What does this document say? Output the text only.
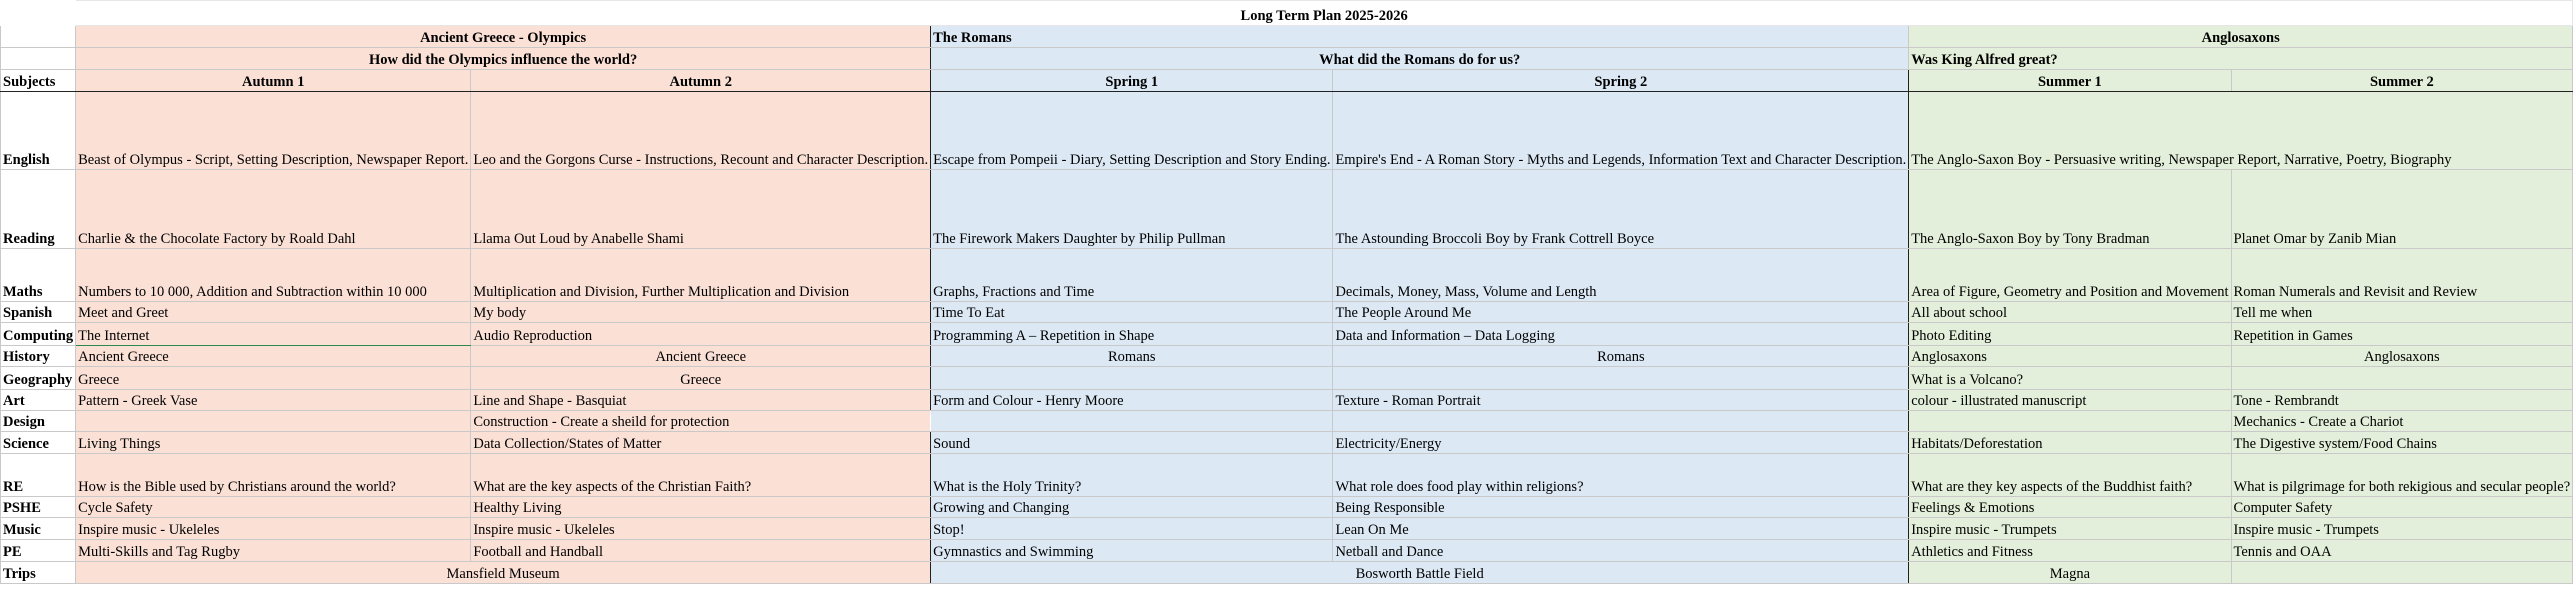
	Long Term Plan 2025-2026					
	Ancient Greece - Olympics		The Romans		Anglosaxons	
	How did the Olympics influence the world?		What did the Romans do for us?		Was King Alfred great?	
Subjects	Autumn 1	Autumn 2	Spring 1	Spring 2	Summer 1	Summer 2
English	Beast of Olympus - Script, Setting Description, Newspaper Report.	Leo and the Gorgons Curse - Instructions, Recount and Character Description.	Escape from Pompeii - Diary, Setting Description and Story Ending.	Empire's End - A Roman Story - Myths and Legends, Information Text and Character Description.	The Anglo-Saxon Boy - Persuasive writing, Newspaper Report, Narrative, Poetry, Biography	
Reading	Charlie & the Chocolate Factory by Roald Dahl	Llama Out Loud by Anabelle Shami	The Firework Makers Daughter by Philip Pullman	The Astounding Broccoli Boy by Frank Cottrell Boyce	The Anglo-Saxon Boy by Tony Bradman	Planet Omar by Zanib Mian
Maths	Numbers to 10 000, Addition and Subtraction within 10 000	Multiplication and Division, Further Multiplication and Division	Graphs, Fractions and Time	Decimals, Money, Mass, Volume and Length	Area of Figure, Geometry and Position and Movement	Roman Numerals and Revisit and Review
Spanish	Meet and Greet	My body	Time To Eat	The People Around Me	All about school	Tell me when
Computing	The Internet	Audio Reproduction	Programming A – Repetition in Shape	Data and Information – Data Logging	Photo Editing	Repetition in Games
History	Ancient Greece	Ancient Greece	Romans	Romans	Anglosaxons	Anglosaxons
Geography	Greece	Greece			What is a Volcano?	
Art	Pattern - Greek Vase	Line and Shape - Basquiat	Form and Colour - Henry Moore	Texture - Roman Portrait	colour - illustrated manuscript	Tone - Rembrandt
Design		Construction - Create a sheild for protection				Mechanics - Create a Chariot
Science	Living Things	Data Collection/States of Matter	Sound	Electricity/Energy	Habitats/Deforestation	The Digestive system/Food Chains
RE	How is the Bible used by Christians around the world?	What are the key aspects of the Christian Faith?	What is the Holy Trinity?	What role does food play within religions?	What are they key aspects of the Buddhist faith?	What is pilgrimage for both rekigious and secular people?
PSHE	Cycle Safety	Healthy Living	Growing and Changing	Being Responsible	Feelings & Emotions	Computer Safety
Music	Inspire music - Ukeleles	Inspire music - Ukeleles	Stop!	Lean On Me	Inspire music - Trumpets	Inspire music - Trumpets
PE	Multi-Skills and Tag Rugby	Football and Handball	Gymnastics and Swimming	Netball and Dance	Athletics and Fitness	Tennis and OAA
Trips	Mansfield Museum		Bosworth Battle Field		Magna	
